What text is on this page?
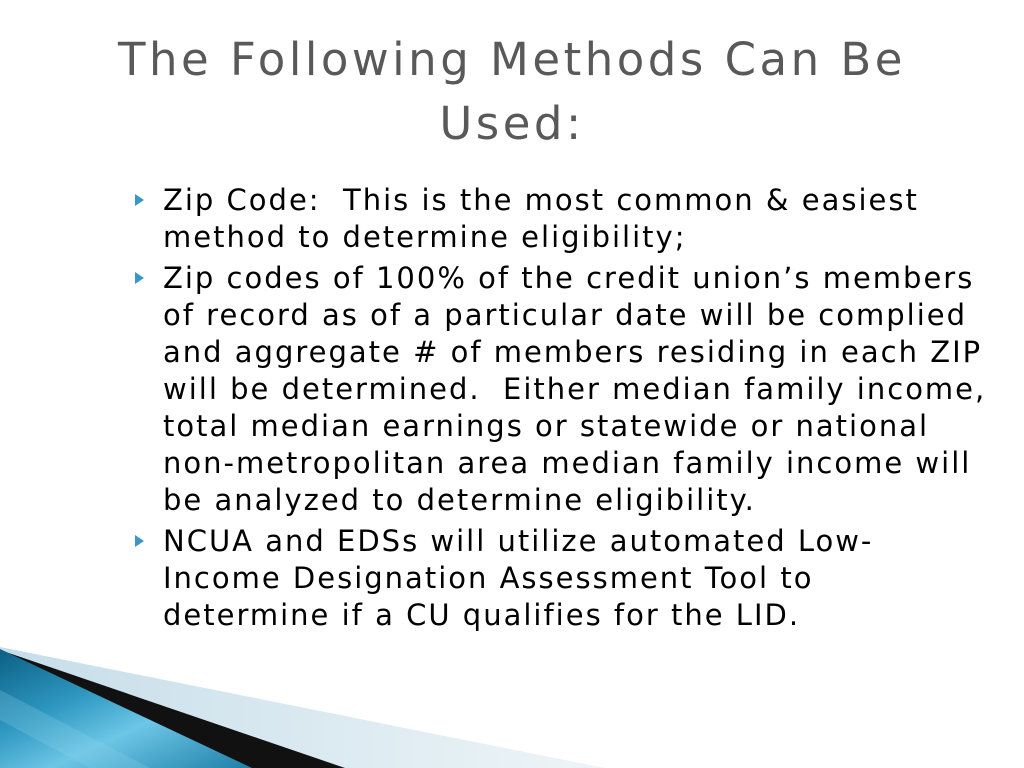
The Following Methods Can Be Used:
Zip Code:  This is the most common & easiest
method to determine eligibility;
Zip codes of 100% of the credit union’s members
of record as of a particular date will be complied
and aggregate # of members residing in each ZIP
will be determined.  Either median family income,
total median earnings or statewide or national
non-metropolitan area median family income will
be analyzed to determine eligibility.
NCUA and EDSs will utilize automated Low-
Income Designation Assessment Tool to
determine if a CU qualifies for the LID.
